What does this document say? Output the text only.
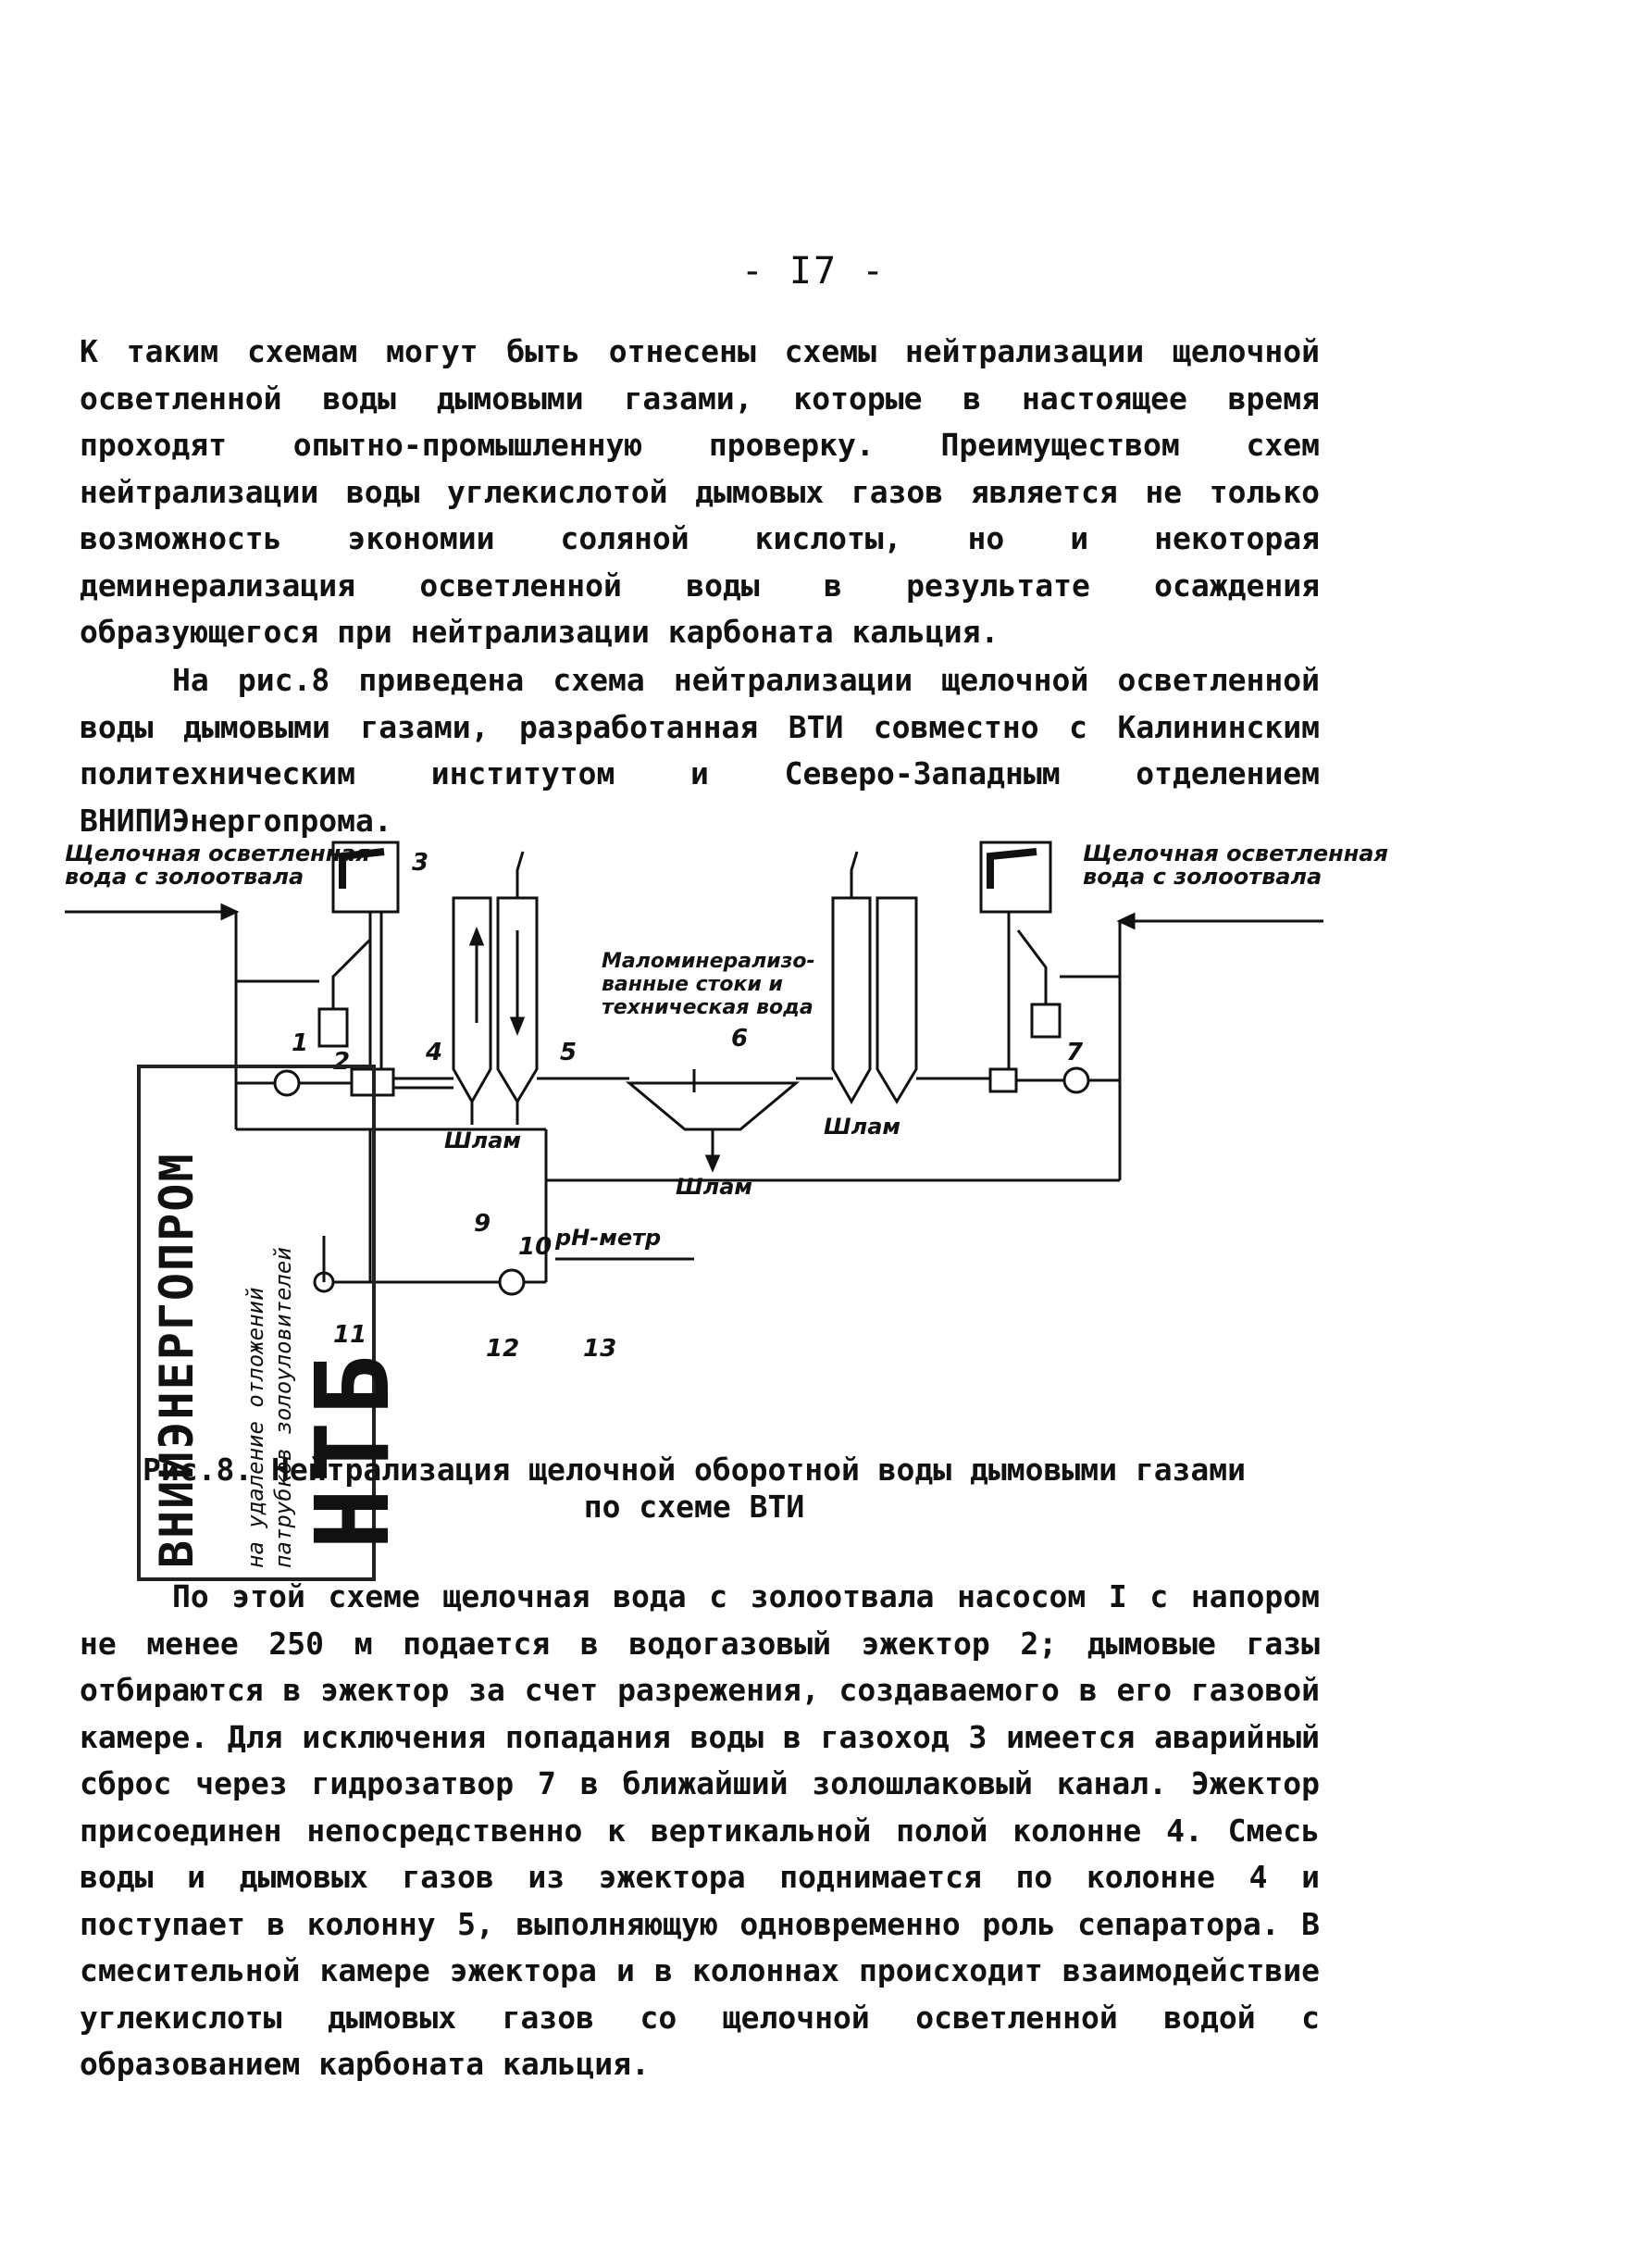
- I7 -

К таким схемам могут быть отнесены схемы нейтрализации щелочной осветленной воды дымовыми газами, которые в настоящее время проходят опытно-промышленную проверку. Преимуществом схем нейтрализации воды углекислотой дымовых газов является не только возможность экономии соляной кислоты, но и некоторая деминерализация осветленной воды в результате осаждения образующегося при нейтрализации карбоната кальция.

На рис.8 приведена схема нейтрализации щелочной осветленной воды дымовыми газами, разработанная ВТИ совместно с Калининским политехническим институтом и Северо-Западным отделением ВНИПИЭнергопрома.

Щелочная осветленная
вода с золоотвала
Щелочная осветленная
вода с золоотвала
Маломинерализо-
ванные стоки и
техническая вода
Шлам
Шлам
Шлам
pH-метр
1
2
3
4	5	6	7
9
10
11	12	13
ВНИИЭНЕРГОПРОМ на удаление отложений патрубков золоуловителей
НТБ
Рис.8. Нейтрализация щелочной оборотной воды дымовыми газами
по схеме ВТИ

По этой схеме щелочная вода с золоотвала насосом I с напором не менее 250 м подается в водогазовый эжектор 2; дымовые газы отбираются в эжектор за счет разрежения, создаваемого в его газовой камере. Для исключения попадания воды в газоход 3 имеется аварийный сброс через гидрозатвор 7 в ближайший золошлаковый канал. Эжектор присоединен непосредственно к вертикальной полой колонне 4. Смесь воды и дымовых газов из эжектора поднимается по колонне 4 и поступает в колонну 5, выполняющую одновременно роль сепаратора. В смесительной камере эжектора и в колоннах происходит взаимодействие углекислоты дымовых газов со щелочной осветленной водой с образованием карбоната кальция.
